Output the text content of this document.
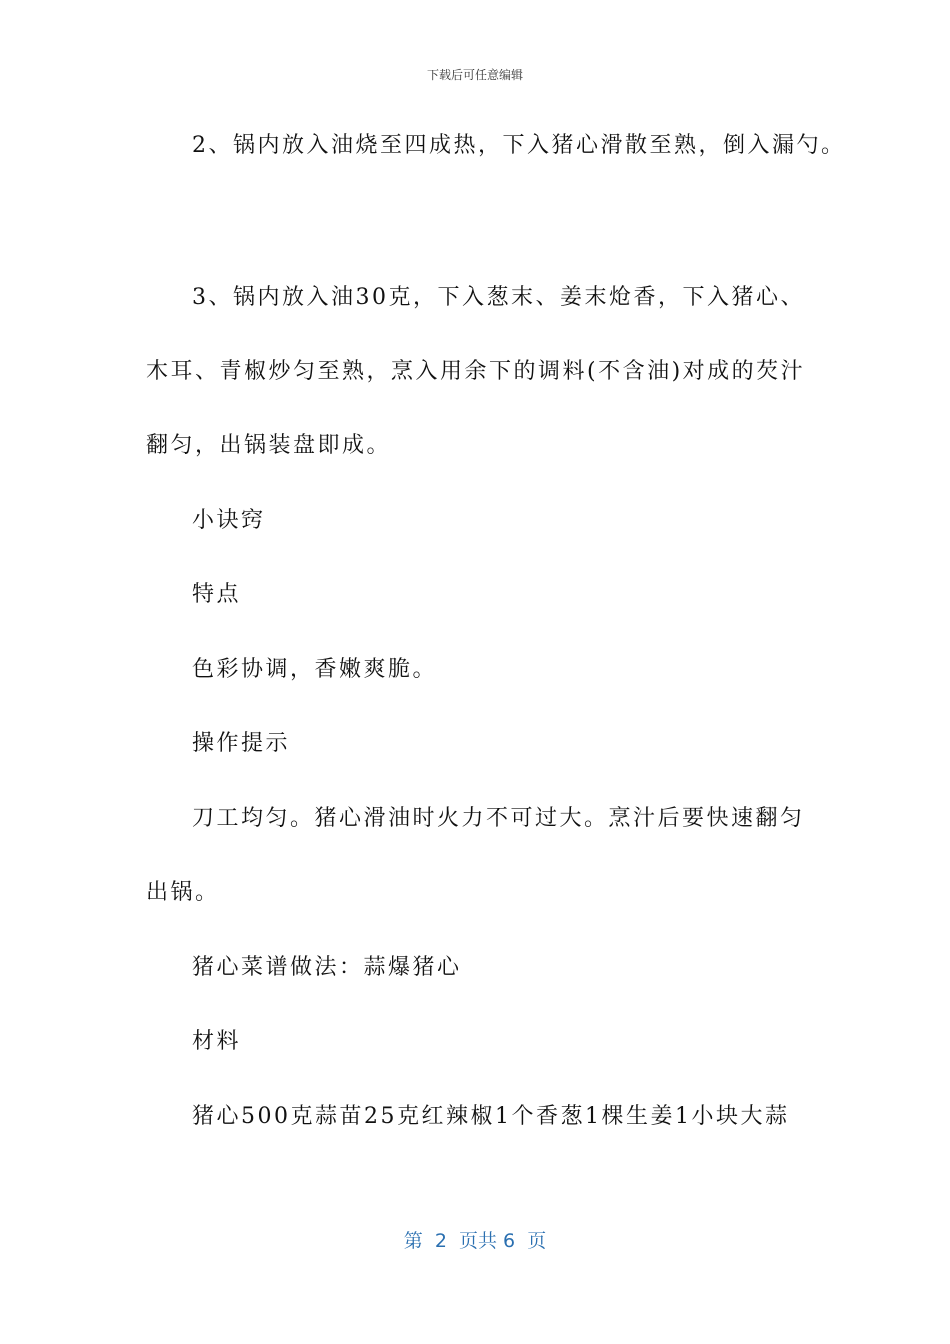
下载后可任意编辑
2、锅内放入油烧至四成热，下入猪心滑散至熟，倒入漏勺。
3、锅内放入油30克，下入葱末、姜末炝香，下入猪心、
木耳、青椒炒匀至熟，烹入用余下的调料(不含油)对成的芡汁
翻匀，出锅装盘即成。
小诀窍
特点
色彩协调，香嫩爽脆。
操作提示
刀工均匀。猪心滑油时火力不可过大。烹汁后要快速翻匀
出锅。
猪心菜谱做法：蒜爆猪心
材料
猪心500克蒜苗25克红辣椒1个香葱1棵生姜1小块大蒜
第  2  页共 6  页
